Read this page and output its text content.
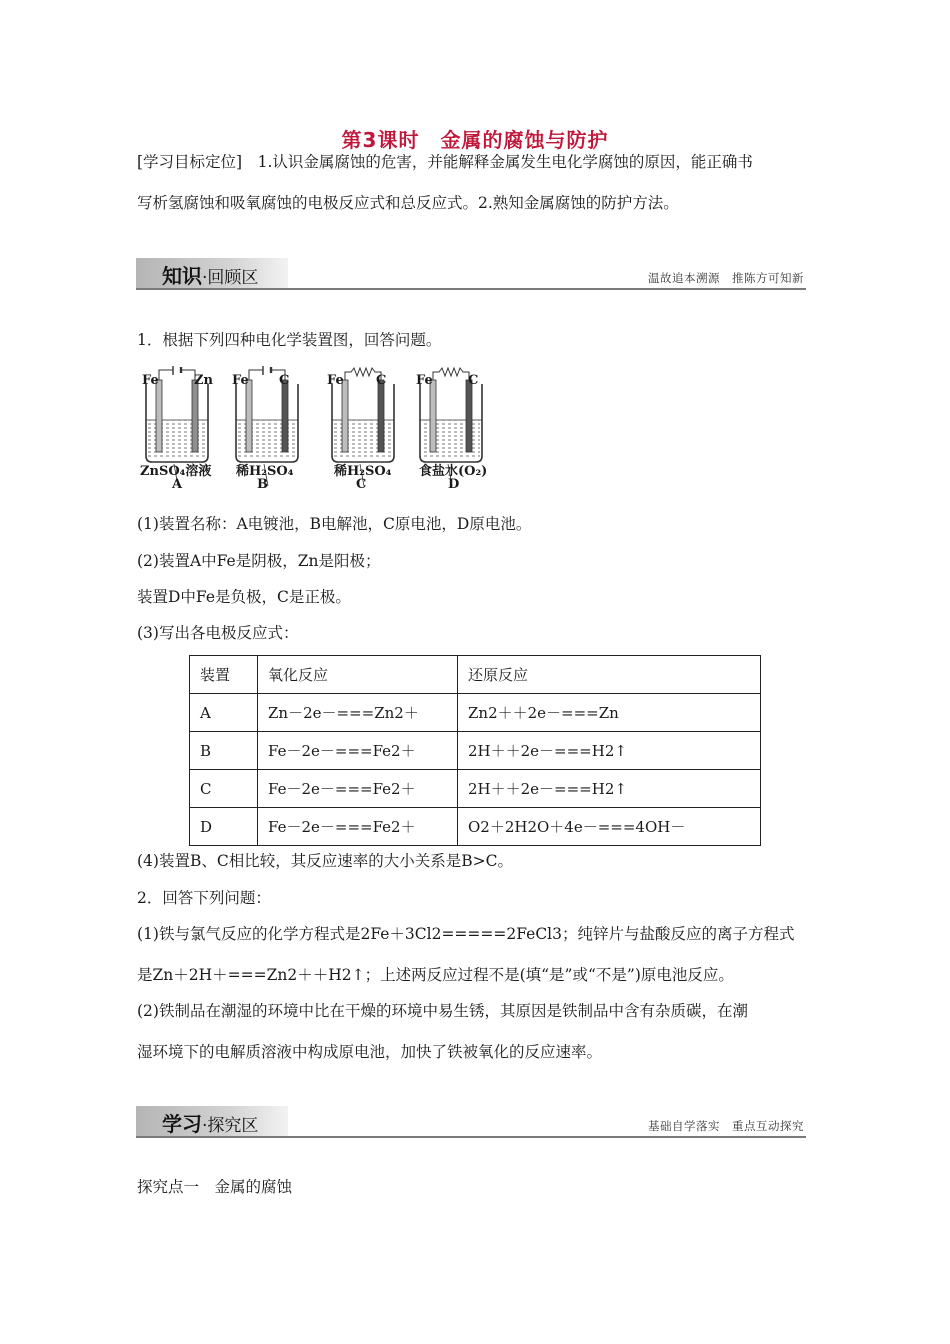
第3课时　金属的腐蚀与防护
[学习目标定位]　1.认识金属腐蚀的危害，并能解释金属发生电化学腐蚀的原因，能正确书
写析氢腐蚀和吸氧腐蚀的电极反应式和总反应式。2.熟知金属腐蚀的防护方法。
知识·回顾区	温故追本溯源　推陈方可知新
1．根据下列四种电化学装置图，回答问题。
Fe	Zn Fe C	Fe C Fe	C
ZnSO₄溶液 稀H₂SO₄	稀H₂SO₄ 食盐水(O₂)
A	B	C	D
(1)装置名称：A电镀池，B电解池，C原电池，D原电池。
(2)装置A中Fe是阴极，Zn是阳极；
装置D中Fe是负极，C是正极。
(3)写出各电极反应式：
装置	氧化反应	还原反应
A	Zn－2e－===Zn2＋	Zn2＋＋2e－===Zn
B	Fe－2e－===Fe2＋	2H＋＋2e－===H2↑
C	Fe－2e－===Fe2＋	2H＋＋2e－===H2↑
D	Fe－2e－===Fe2＋	O2＋2H2O＋4e－===4OH－
(4)装置B、C相比较，其反应速率的大小关系是B>C。
2．回答下列问题：
(1)铁与氯气反应的化学方程式是2Fe＋3Cl2=====2FeCl3；纯锌片与盐酸反应的离子方程式
是Zn＋2H＋===Zn2＋＋H2↑；上述两反应过程不是(填“是”或“不是”)原电池反应。
(2)铁制品在潮湿的环境中比在干燥的环境中易生锈，其原因是铁制品中含有杂质碳，在潮
湿环境下的电解质溶液中构成原电池，加快了铁被氧化的反应速率。
学习·探究区	基础自学落实　重点互动探究
探究点一　金属的腐蚀
